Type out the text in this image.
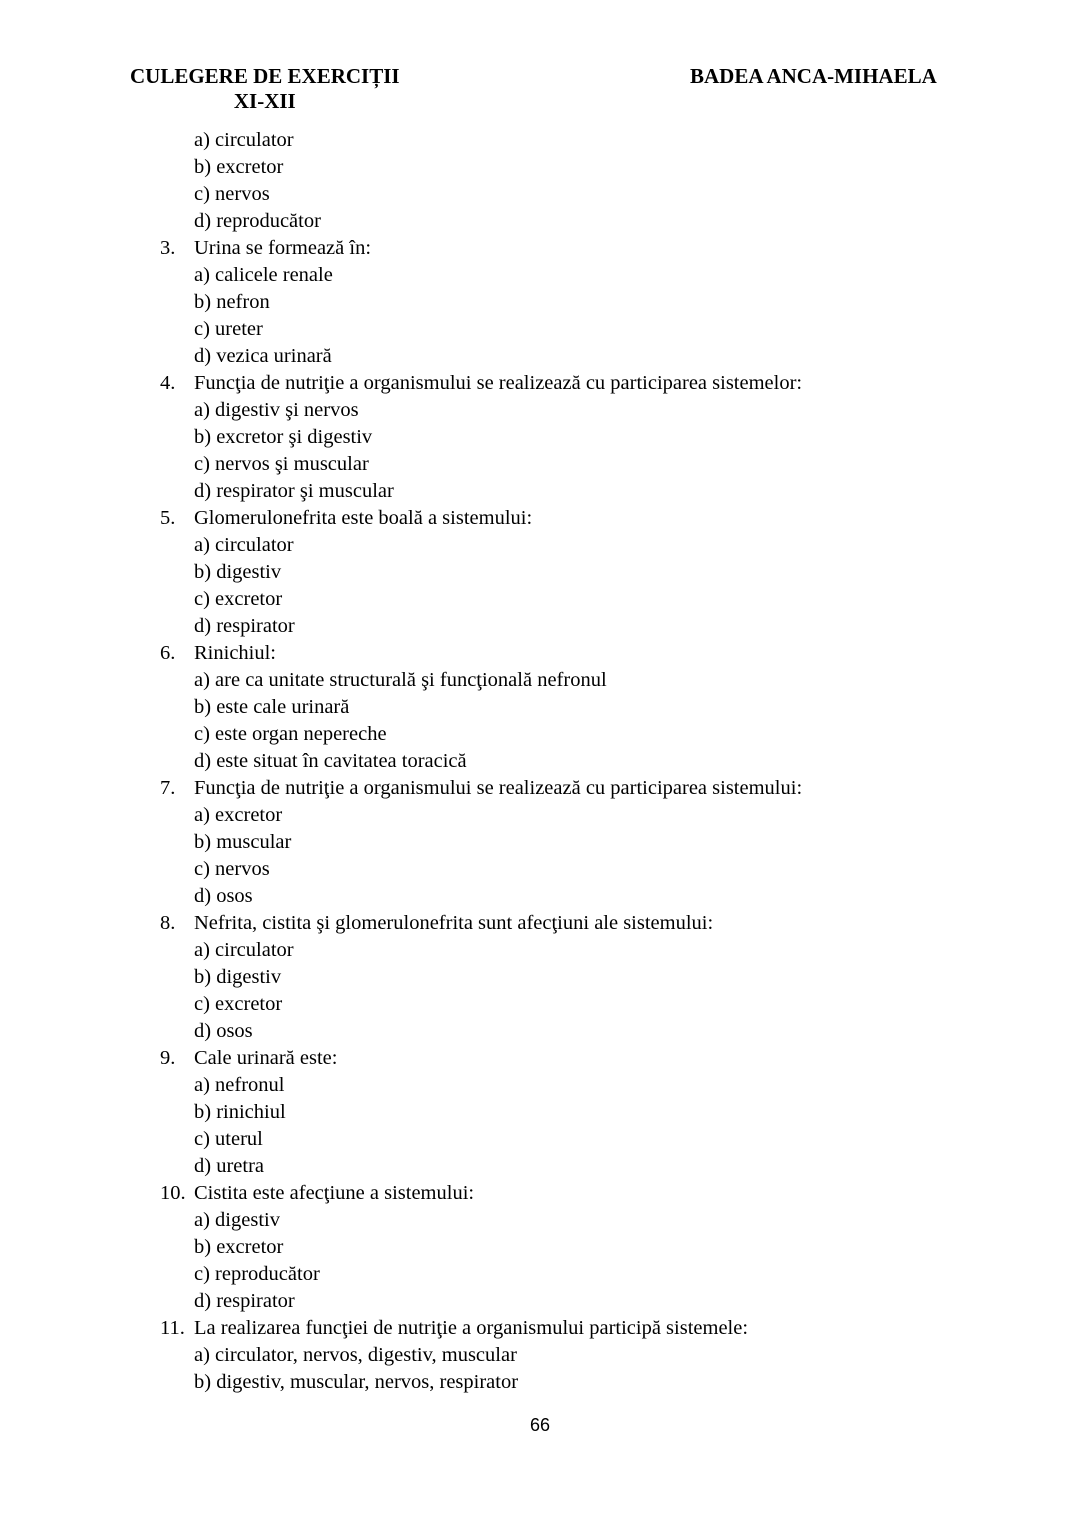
CULEGERE DE EXERCIȚII
XI-XII
BADEA ANCA-MIHAELA
a) circulator
b) excretor
c) nervos
d) reproducător
3. Urina se formează în:
a) calicele renale
b) nefron
c) ureter
d) vezica urinară
4. Funcţia de nutriţie a organismului se realizează cu participarea sistemelor:
a) digestiv şi nervos
b) excretor şi digestiv
c) nervos şi muscular
d) respirator şi muscular
5. Glomerulonefrita este boală a sistemului:
a) circulator
b) digestiv
c) excretor
d) respirator
6. Rinichiul:
a) are ca unitate structurală şi funcţională nefronul
b) este cale urinară
c) este organ nepereche
d) este situat în cavitatea toracică
7. Funcţia de nutriţie a organismului se realizează cu participarea sistemului:
a) excretor
b) muscular
c) nervos
d) osos
8. Nefrita, cistita şi glomerulonefrita sunt afecţiuni ale sistemului:
a) circulator
b) digestiv
c) excretor
d) osos
9. Cale urinară este:
a) nefronul
b) rinichiul
c) uterul
d) uretra
10. Cistita este afecţiune a sistemului:
a) digestiv
b) excretor
c) reproducător
d) respirator
11. La realizarea funcţiei de nutriţie a organismului participă sistemele:
a) circulator, nervos, digestiv, muscular
b) digestiv, muscular, nervos, respirator
66
